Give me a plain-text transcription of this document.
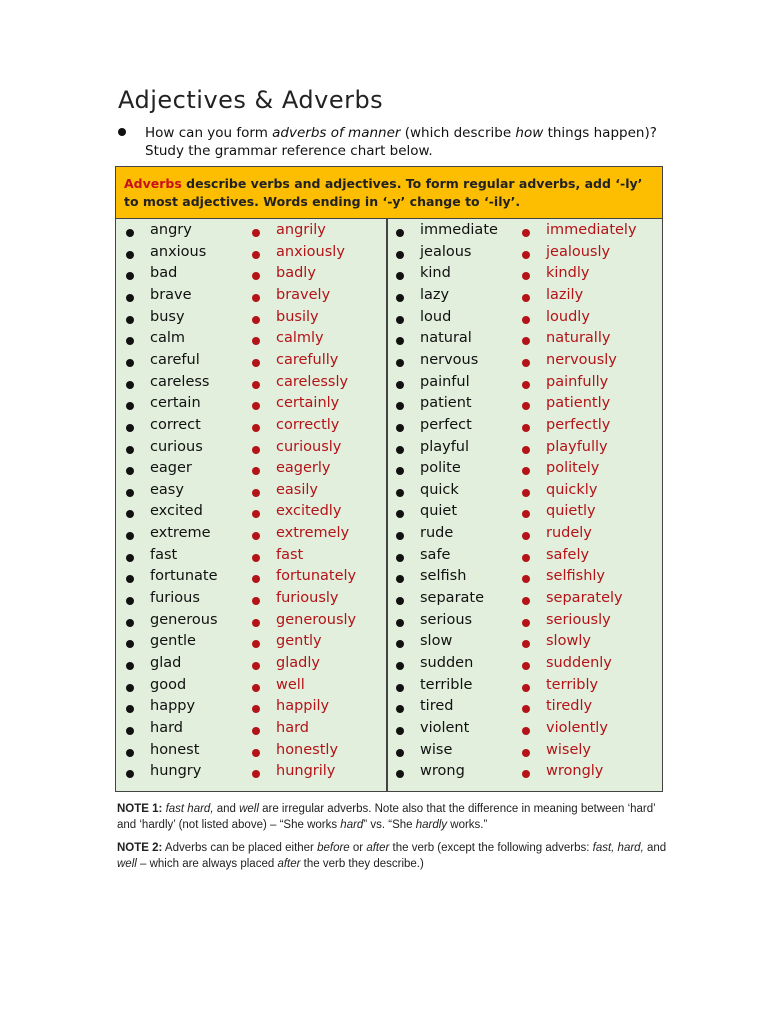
Adjectives & Adverbs
How can you form adverbs of manner (which describe how things happen)? Study the grammar reference chart below.
Adverbs describe verbs and adjectives. To form regular adverbs, add ‘-ly’ to most adjectives. Words ending in ‘-y’ change to ‘-ily’.
angry	angrily
anxious	anxiously
bad	badly
brave	bravely
busy	busily
calm	calmly
careful	carefully
careless	carelessly
certain	certainly
correct	correctly
curious	curiously
eager	eagerly
easy	easily
excited	excitedly
extreme	extremely
fast	fast
fortunate	fortunately
furious	furiously
generous	generously
gentle	gently
glad	gladly
good	well
happy	happily
hard	hard
honest	honestly
hungry	hungrily
immediate	immediately
jealous	jealously
kind	kindly
lazy	lazily
loud	loudly
natural	naturally
nervous	nervously
painful	painfully
patient	patiently
perfect	perfectly
playful	playfully
polite	politely
quick	quickly
quiet	quietly
rude	rudely
safe	safely
selfish	selfishly
separate	separately
serious	seriously
slow	slowly
sudden	suddenly
terrible	terribly
tired	tiredly
violent	violently
wise	wisely
wrong	wrongly

NOTE 1: fast hard, and well are irregular adverbs. Note also that the difference in meaning between ‘hard’ and ‘hardly’ (not listed above) – “She works hard” vs. “She hardly works.”

NOTE 2: Adverbs can be placed either before or after the verb (except the following adverbs: fast, hard, and well – which are always placed after the verb they describe.)
